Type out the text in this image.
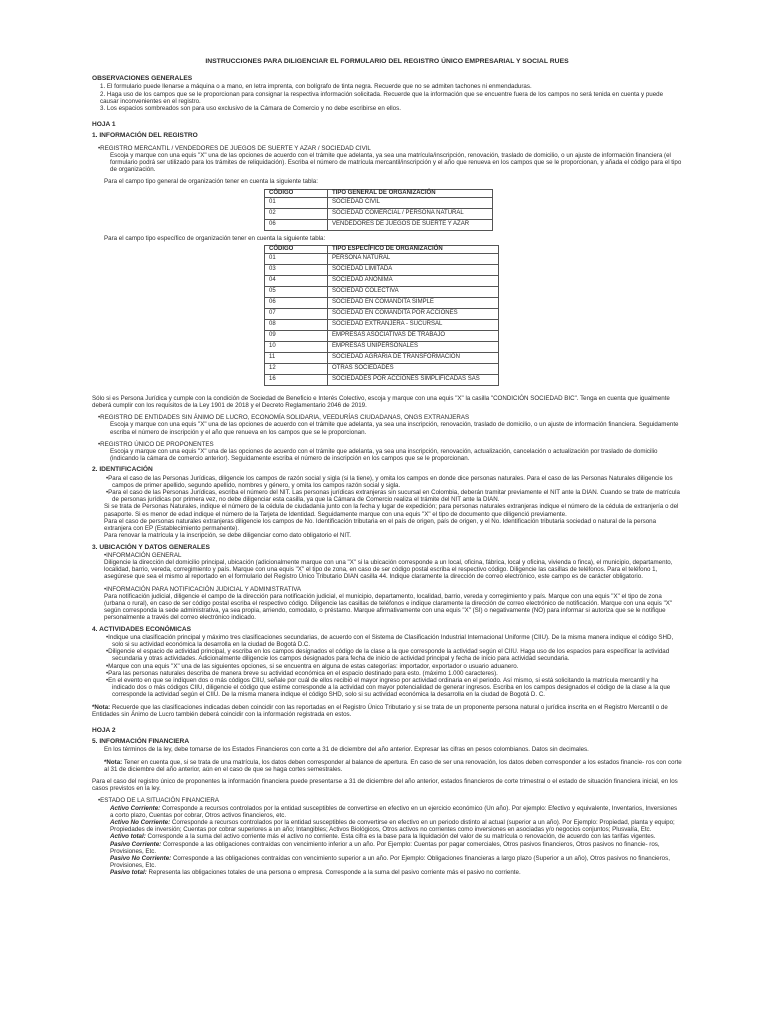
INSTRUCCIONES PARA DILIGENCIAR EL FORMULARIO DEL REGISTRO ÚNICO EMPRESARIAL Y SOCIAL RUES
OBSERVACIONES GENERALES
1. El formulario puede llenarse a máquina o a mano, en letra imprenta, con bolígrafo de tinta negra. Recuerde que no se admiten tachones ni enmendaduras.
2. Haga uso de los campos que se le proporcionan para consignar la respectiva información solicitada. Recuerde que la información que se encuentre fuera de los campos no será tenida en cuenta y puede causar inconvenientes en el registro.
3. Los espacios sombreados son para uso exclusivo de la Cámara de Comercio y no debe escribirse en ellos.
HOJA 1
1. INFORMACIÓN DEL REGISTRO
• REGISTRO MERCANTIL / VENDEDORES DE JUEGOS DE SUERTE Y AZAR / SOCIEDAD CIVIL

Escoja y marque con una equis "X" una de las opciones de acuerdo con el trámite que adelanta, ya sea una matrícula/inscripción, renovación, traslado de domicilio, o un ajuste de información financiera (el formulario podrá ser utilizado para los trámites de reliquidación). Escriba el número de matrícula mercantil/inscripción y el año que renueva en los campos que se le proporcionan, y añada el código para el tipo de organización.

Para el campo tipo general de organización tener en cuenta la siguiente tabla:

CÓDIGO	TIPO GENERAL DE ORGANIZACIÓN
01	SOCIEDAD CIVIL
02	SOCIEDAD COMERCIAL / PERSONA NATURAL
06	VENDEDORES DE JUEGOS DE SUERTE Y AZAR

Para el campo tipo específico de organización tener en cuenta la siguiente tabla:

CÓDIGO	TIPO ESPECÍFICO DE ORGANIZACIÓN
01	PERSONA NATURAL
03	SOCIEDAD LIMITADA
04	SOCIEDAD ANÓNIMA
05	SOCIEDAD COLECTIVA
06	SOCIEDAD EN COMANDITA SIMPLE
07	SOCIEDAD EN COMANDITA POR ACCIONES
08	SOCIEDAD EXTRANJERA - SUCURSAL
09	EMPRESAS ASOCIATIVAS DE TRABAJO
10	EMPRESAS UNIPERSONALES
11	SOCIEDAD AGRARIA DE TRANSFORMACIÓN
12	OTRAS SOCIEDADES
16	SOCIEDADES POR ACCIONES SIMPLIFICADAS SAS

Sólo si es Persona Jurídica y cumple con la condición de Sociedad de Beneficio e Interés Colectivo, escoja y marque con una equis "X" la casilla "CONDICIÓN SOCIEDAD BIC". Tenga en cuenta que igualmente deberá cumplir con los requisitos de la Ley 1901 de 2018 y el Decreto Reglamentario 2046 de 2019.

• REGISTRO DE ENTIDADES SIN ÁNIMO DE LUCRO, ECONOMÍA SOLIDARIA, VEEDURÍAS CIUDADANAS, ONGS EXTRANJERAS

Escoja y marque con una equis "X" una de las opciones de acuerdo con el trámite que adelanta, ya sea una inscripción, renovación, traslado de domicilio, o un ajuste de información financiera. Seguidamente escriba el número de inscripción y el año que renueva en los campos que se le proporcionan.

• REGISTRO ÚNICO DE PROPONENTES

Escoja y marque con una equis "X" una de las opciones de acuerdo con el trámite que adelanta, ya sea una inscripción, renovación, actualización, cancelación o actualización por traslado de domicilio (indicando la cámara de comercio anterior). Seguidamente escriba el número de inscripción en los campos que se le proporcionan.

2. IDENTIFICACIÓN

• Para el caso de las Personas Jurídicas, diligencie los campos de razón social y sigla (si la tiene), y omita los campos en donde dice personas naturales. Para el caso de las Personas Naturales diligencie los campos de primer apellido, segundo apellido, nombres y género, y omita los campos razón social y sigla.

• Para el caso de las Personas Jurídicas, escriba el número del NIT. Las personas jurídicas extranjeras sin sucursal en Colombia, deberán tramitar previamente el NIT ante la DIAN. Cuando se trate de matrícula de personas jurídicas por primera vez, no debe diligenciar esta casilla, ya que la Cámara de Comercio realiza el trámite del NIT ante la DIAN.

Si se trata de Personas Naturales, indique el número de la cédula de ciudadanía junto con la fecha y lugar de expedición; para personas naturales extranjeras indique el número de la cédula de extranjería o del pasaporte. Si es menor de edad indique el número de la Tarjeta de Identidad. Seguidamente marque con una equis "X" el tipo de documento que diligenció previamente.

Para el caso de personas naturales extranjeras diligencie los campos de No. Identificación tributaria en el país de origen, país de origen, y el No. Identificación tributaria sociedad o natural de la persona extranjera con EP (Establecimiento permanente).

Para renovar la matrícula y la inscripción, se debe diligenciar como dato obligatorio el NIT.

3. UBICACIÓN Y DATOS GENERALES
• INFORMACIÓN GENERAL

Diligencie la dirección del domicilio principal, ubicación (adicionalmente marque con una "X" si la ubicación corresponde a un local, oficina, fábrica, local y oficina, vivienda o finca), el municipio, departamento, localidad, barrio, vereda, corregimiento y país. Marque con una equis "X" el tipo de zona, en caso de ser código postal escriba el respectivo código. Diligencie las casillas de teléfonos. Para el teléfono 1, asegúrese que sea el mismo al reportado en el formulario del Registro Único Tributario DIAN casilla 44. Indique claramente la dirección de correo electrónico, este campo es de carácter obligatorio.

• INFORMACIÓN PARA NOTIFICACIÓN JUDICIAL Y ADMINISTRATIVA

Para notificación judicial, diligencie el campo de la dirección para notificación judicial, el municipio, departamento, localidad, barrio, vereda y corregimiento y país. Marque con una equis "X" el tipo de zona (urbana o rural), en caso de ser código postal escriba el respectivo código. Diligencie las casillas de teléfonos e indique claramente la dirección de correo electrónico de notificación. Marque con una equis "X" según corresponda la sede administrativa, ya sea propia, arriendo, comodato, o préstamo. Marque afirmativamente con una equis "X" (SI) o negativamente (NO) para informar si autoriza que se le notifique personalmente a través del correo electrónico indicado.

4. ACTIVIDADES ECONÓMICAS

• Indique una clasificación principal y máximo tres clasificaciones secundarias, de acuerdo con el Sistema de Clasificación Industrial Internacional Uniforme (CIIU). De la misma manera indique el código SHD, solo si su actividad económica la desarrolla en la ciudad de Bogotá D.C.

• Diligencie el espacio de actividad principal, y escriba en los campos designados el código de la clase a la que corresponde la actividad según el CIIU. Haga uso de los espacios para especificar la actividad secundaria y otras actividades. Adicionalmente diligencie los campos designados para fecha de inicio de actividad principal y fecha de inicio para actividad secundaria.

• Marque con una equis "X" una de las siguientes opciones, si se encuentra en alguna de estas categorías: importador, exportador o usuario aduanero.

• Para las personas naturales describa de manera breve su actividad económica en el espacio destinado para esto. (máximo 1.000 caracteres).

• En el evento en que se indiquen dos o más códigos CIIU, señale por cuál de ellos recibió el mayor ingreso por actividad ordinaria en el periodo. Así mismo, si está solicitando la matrícula mercantil y ha indicado dos o más códigos CIIU, diligencie el código que estime corresponde a la actividad con mayor potencialidad de generar ingresos. Escriba en los campos designados el código de la clase a la que corresponde la actividad según el CIIU. De la misma manera indique el código SHD, solo si su actividad económica la desarrolla en la ciudad de Bogotá D. C.

*Nota: Recuerde que las clasificaciones indicadas deben coincidir con las reportadas en el Registro Único Tributario y si se trata de un proponente persona natural o jurídica inscrita en el Registro Mercantil o de Entidades sin Ánimo de Lucro también deberá coincidir con la información registrada en estos.

HOJA 2
5. INFORMACIÓN FINANCIERA

En los términos de la ley, debe tomarse de los Estados Financieros con corte a 31 de diciembre del año anterior. Expresar las cifras en pesos colombianos. Datos sin decimales.

*Nota: Tener en cuenta que, si se trata de una matrícula, los datos deben corresponder al balance de apertura. En caso de ser una renovación, los datos deben corresponder a los estados financie- ros con corte al 31 de diciembre del año anterior, aún en el caso de que se haga cortes semestrales.

Para el caso del registro único de proponentes la información financiera puede presentarse a 31 de diciembre del año anterior, estados financieros de corte trimestral o el estado de situación financiera inicial, en los casos previstos en la ley.

• ESTADO DE LA SITUACIÓN FINANCIERA

Activo Corriente: Corresponde a recursos controlados por la entidad susceptibles de convertirse en efectivo en un ejercicio económico (Un año). Por ejemplo: Efectivo y equivalente, Inventarios, Inversiones a corto plazo, Cuentas por cobrar, Otros activos financieros, etc.

Activo No Corriente: Corresponde a recursos controlados por la entidad susceptibles de convertirse en efectivo en un periodo distinto al actual (superior a un año). Por Ejemplo: Propiedad, planta y equipo; Propiedades de inversión; Cuentas por cobrar superiores a un año; Intangibles; Activos Biológicos, Otros activos no corrientes como inversiones en asociadas y/o negocios conjuntos; Plusvalía, Etc.

Activo total: Corresponde a la suma del activo corriente más el activo no corriente. Esta cifra es la base para la liquidación del valor de su matrícula o renovación, de acuerdo con las tarifas vigentes.

Pasivo Corriente: Corresponde a las obligaciones contraídas con vencimiento inferior a un año. Por Ejemplo: Cuentas por pagar comerciales, Otros pasivos financieros, Otros pasivos no financie- ros, Provisiones, Etc.

Pasivo No Corriente: Corresponde a las obligaciones contraídas con vencimiento superior a un año. Por Ejemplo: Obligaciones financieras a largo plazo (Superior a un año), Otros pasivos no financieros, Provisiones, Etc.

Pasivo total: Representa las obligaciones totales de una persona o empresa. Corresponde a la suma del pasivo corriente más el pasivo no corriente.
